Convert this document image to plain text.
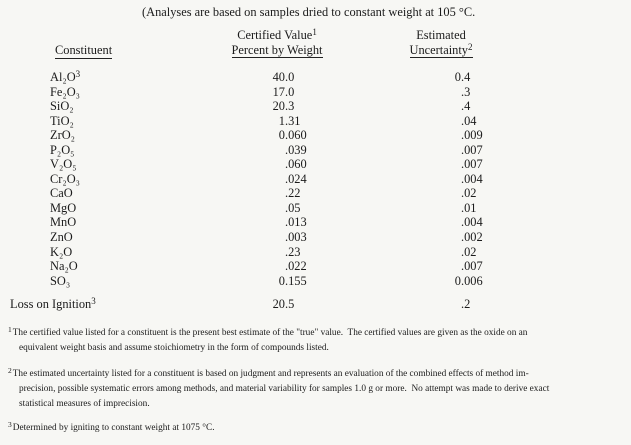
(Analyses are based on samples dried to constant weight at 105 °C.
Constituent
Certified Value$^1$
Percent by Weight
Estimated
Uncertainty$^2$
$Al_2O^3$	40 .0	0 .4
Fe₂O₃	17 .0	.3
SiO₂	20 .3	.4
TiO₂	1 .31	.04
ZrO₂	0 .060	.009
P₂O₅	.039	.007
V₂O₅	.060	.007
Cr₂O₃	.024	.004
CaO	.22	.02
MgO	.05	.01
MnO	.013	.004
ZnO	.003	.002
K₂O	.23	.02
Na₂O	.022	.007
SO₃	0 .155	0 .006
Loss on Ignition$^3$	20 .5	.2
$^1$The certified value listed for a constituent is the present best estimate of the "true" value.  The certified values are given as the oxide on an
equivalent weight basis and assume stoichiometry in the form of compounds listed.
$^2$The estimated uncertainty listed for a constituent is based on judgment and represents an evaluation of the combined effects of method im-
precision, possible systematic errors among methods, and material variability for samples 1.0 g or more.  No attempt was made to derive exact
statistical measures of imprecision.
$^3$Determined by igniting to constant weight at 1075 °C.
